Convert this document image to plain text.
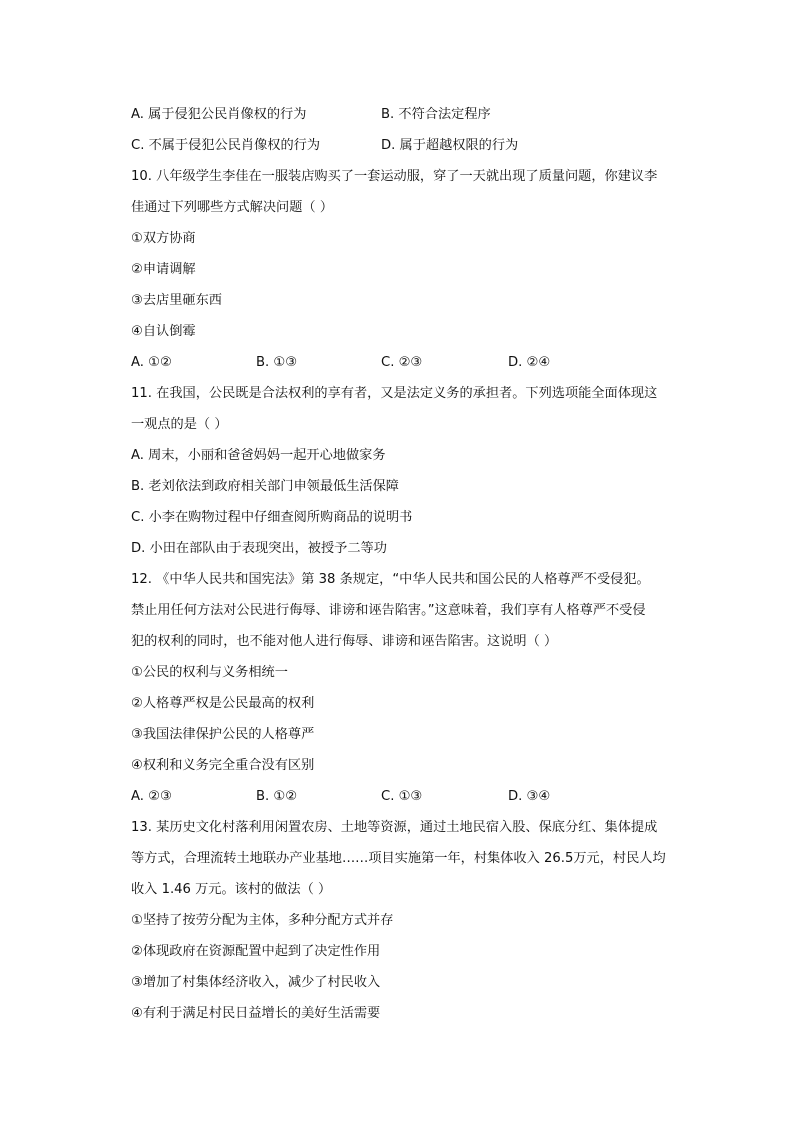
A. 属于侵犯公民肖像权的行为	B. 不符合法定程序
C. 不属于侵犯公民肖像权的行为	D. 属于超越权限的行为
10. 八年级学生李佳在一服装店购买了一套运动服，穿了一天就出现了质量问题，你建议李
佳通过下列哪些方式解决问题（ ）
①双方协商
②申请调解
③去店里砸东西
④自认倒霉
A. ①②	B. ①③	C. ②③	D. ②④
11. 在我国，公民既是合法权利的享有者，又是法定义务的承担者。下列选项能全面体现这
一观点的是（ ）
A. 周末，小丽和爸爸妈妈一起开心地做家务
B. 老刘依法到政府相关部门申领最低生活保障
C. 小李在购物过程中仔细查阅所购商品的说明书
D. 小田在部队由于表现突出，被授予二等功
12. 《中华人民共和国宪法》第 38 条规定，“中华人民共和国公民的人格尊严不受侵犯。
禁止用任何方法对公民进行侮辱、诽谤和诬告陷害。”这意味着，我们享有人格尊严不受侵
犯的权利的同时，也不能对他人进行侮辱、诽谤和诬告陷害。这说明（ ）
①公民的权利与义务相统一
②人格尊严权是公民最高的权利
③我国法律保护公民的人格尊严
④权利和义务完全重合没有区别
A. ②③	B. ①②	C. ①③	D. ③④
13. 某历史文化村落利用闲置农房、土地等资源，通过土地民宿入股、保底分红、集体提成
等方式，合理流转土地联办产业基地……项目实施第一年，村集体收入 26.5万元，村民人均
收入 1.46 万元。该村的做法（ ）
①坚持了按劳分配为主体，多种分配方式并存
②体现政府在资源配置中起到了决定性作用
③增加了村集体经济收入，减少了村民收入
④有利于满足村民日益增长的美好生活需要
